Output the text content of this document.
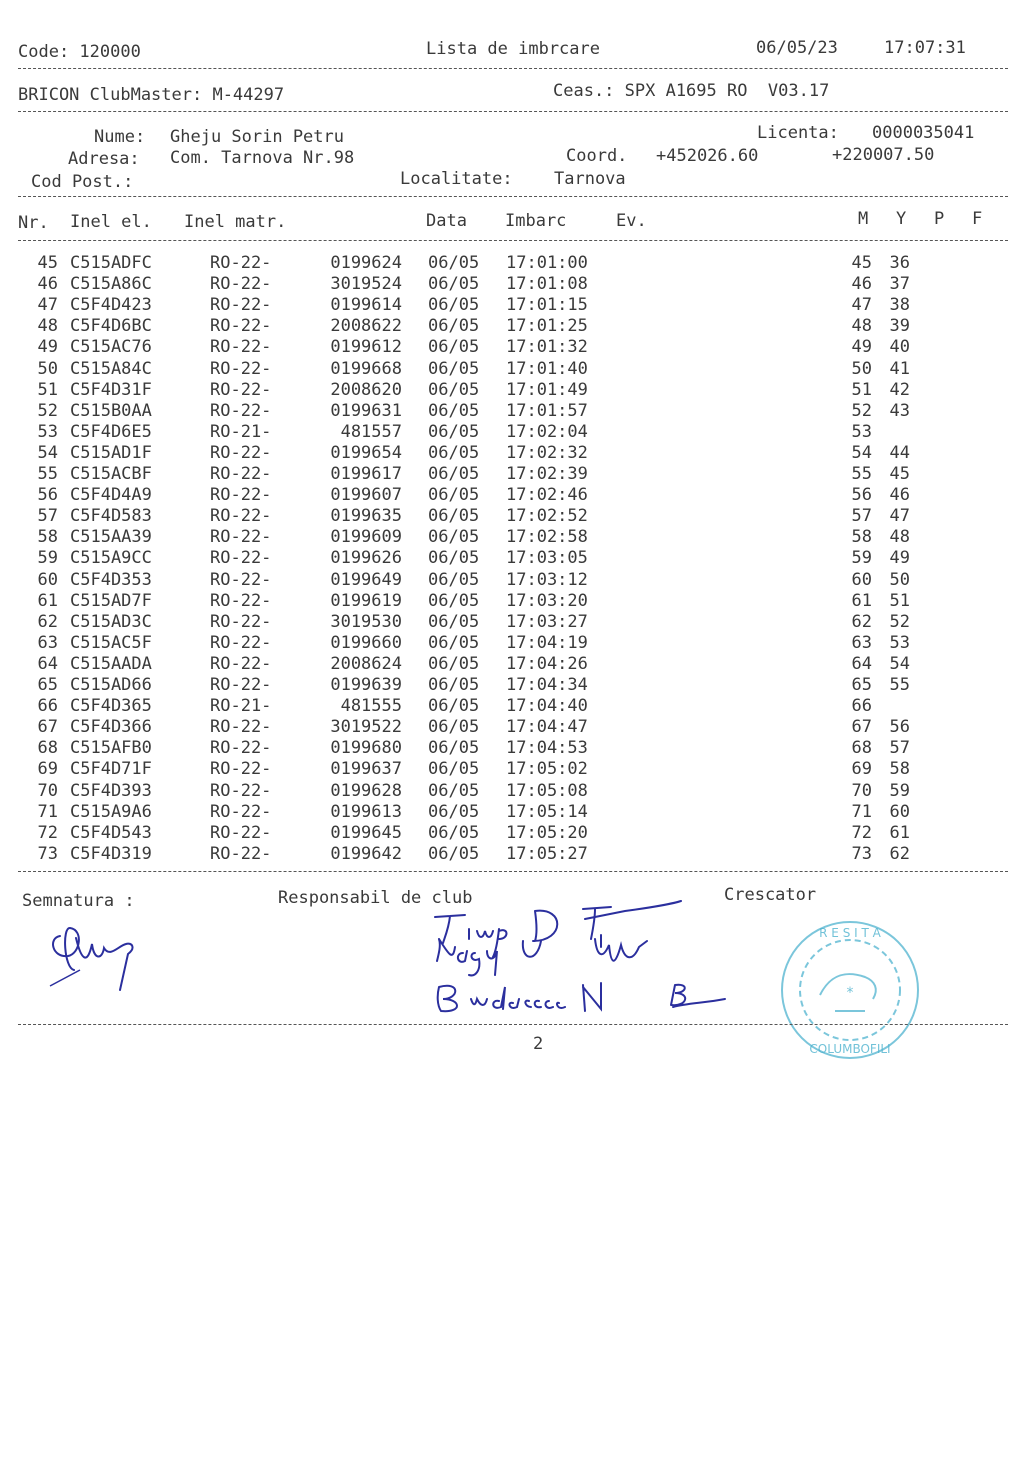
Code: 120000	Lista de imbrcare	06/05/23	17:07:31
BRICON ClubMaster: M-44297	Ceas.: SPX A1695 RO  V03.17
Nume: Gheju Sorin Petru	Licenta: 0000035041
Adresa: Com. Tarnova Nr.98	Coord. +452026.60	+220007.50
Cod Post.:	Localitate: Tarnova
Nr. Inel el. Inel matr.	Data Imbarc	Ev.	M Y P F
45 C515ADFC	RO-22-	0199624 06/05 17:01:00	45	36
46 C515A86C	RO-22-	3019524 06/05 17:01:08	46	37
47 C5F4D423	RO-22-	0199614 06/05 17:01:15	47	38
48 C5F4D6BC	RO-22-	2008622 06/05 17:01:25	48	39
49 C515AC76	RO-22-	0199612 06/05 17:01:32	49	40
50 C515A84C	RO-22-	0199668 06/05 17:01:40	50	41
51 C5F4D31F	RO-22-	2008620 06/05 17:01:49	51	42
52 C515B0AA	RO-22-	0199631 06/05 17:01:57	52	43
53 C5F4D6E5	RO-21-	481557 06/05 17:02:04	53
54 C515AD1F	RO-22-	0199654 06/05 17:02:32	54	44
55 C515ACBF	RO-22-	0199617 06/05 17:02:39	55	45
56 C5F4D4A9	RO-22-	0199607 06/05 17:02:46	56	46
57 C5F4D583	RO-22-	0199635 06/05 17:02:52	57	47
58 C515AA39	RO-22-	0199609 06/05 17:02:58	58	48
59 C515A9CC	RO-22-	0199626 06/05 17:03:05	59	49
60 C5F4D353	RO-22-	0199649 06/05 17:03:12	60	50
61 C515AD7F	RO-22-	0199619 06/05 17:03:20	61	51
62 C515AD3C	RO-22-	3019530 06/05 17:03:27	62	52
63 C515AC5F	RO-22-	0199660 06/05 17:04:19	63	53
64 C515AADA	RO-22-	2008624 06/05 17:04:26	64	54
65 C515AD66	RO-22-	0199639 06/05 17:04:34	65	55
66 C5F4D365	RO-21-	481555 06/05 17:04:40	66
67 C5F4D366	RO-22-	3019522 06/05 17:04:47	67	56
68 C515AFB0	RO-22-	0199680 06/05 17:04:53	68	57
69 C5F4D71F	RO-22-	0199637 06/05 17:05:02	69	58
70 C5F4D393	RO-22-	0199628 06/05 17:05:08	70	59
71 C515A9A6	RO-22-	0199613 06/05 17:05:14	71	60
72 C5F4D543	RO-22-	0199645 06/05 17:05:20	72	61
73 C5F4D319	RO-22-	0199642 06/05 17:05:27	73	62
Semnatura :	Responsabil de club	Crescator
R E S I T A
COLUMBOFILI
*
2
